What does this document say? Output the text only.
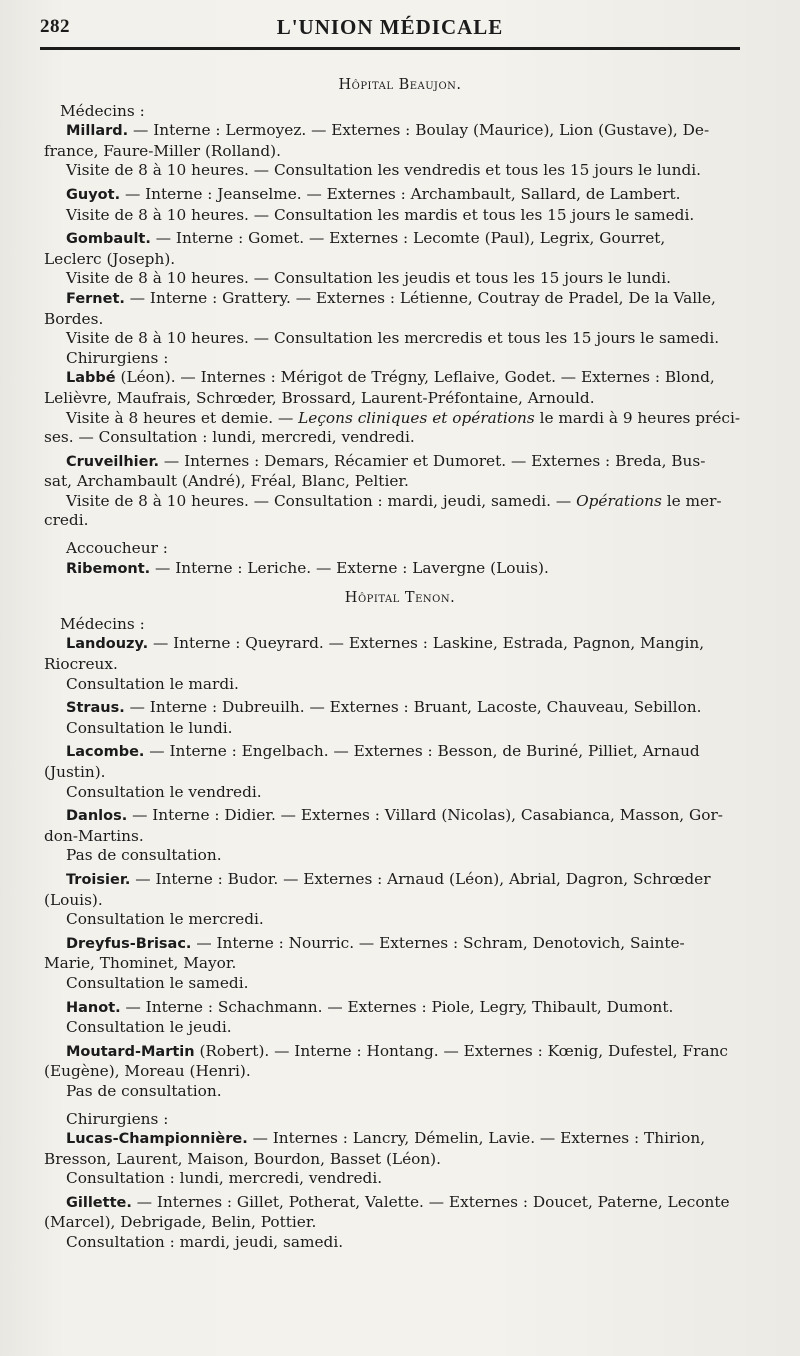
282	L'UNION MÉDICALE

Hôpital Beaujon.

Médecins :

Millard. — Interne : Lermoyez. — Externes : Boulay (Maurice), Lion (Gustave), De-

france, Faure-Miller (Rolland).

Visite de 8 à 10 heures. — Consultation les vendredis et tous les 15 jours le lundi.

Guyot. — Interne : Jeanselme. — Externes : Archambault, Sallard, de Lambert.

Visite de 8 à 10 heures. — Consultation les mardis et tous les 15 jours le samedi.

Gombault. — Interne : Gomet. — Externes : Lecomte (Paul), Legrix, Gourret,

Leclerc (Joseph).

Visite de 8 à 10 heures. — Consultation les jeudis et tous les 15 jours le lundi.

Fernet. — Interne : Grattery. — Externes : Létienne, Coutray de Pradel, De la Valle,

Bordes.

Visite de 8 à 10 heures. — Consultation les mercredis et tous les 15 jours le samedi.

Chirurgiens :

Labbé (Léon). — Internes : Mérigot de Trégny, Leflaive, Godet. — Externes : Blond,

Lelièvre, Maufrais, Schrœder, Brossard, Laurent-Préfontaine, Arnould.

Visite à 8 heures et demie. — Leçons cliniques et opérations le mardi à 9 heures préci-

ses. — Consultation : lundi, mercredi, vendredi.

Cruveilhier. — Internes : Demars, Récamier et Dumoret. — Externes : Breda, Bus-

sat, Archambault (André), Fréal, Blanc, Peltier.

Visite de 8 à 10 heures. — Consultation : mardi, jeudi, samedi. — Opérations le mer-

credi.

Accoucheur :

Ribemont. — Interne : Leriche. — Externe : Lavergne (Louis).

Hôpital Tenon.

Médecins :

Landouzy. — Interne : Queyrard. — Externes : Laskine, Estrada, Pagnon, Mangin,

Riocreux.

Consultation le mardi.

Straus. — Interne : Dubreuilh. — Externes : Bruant, Lacoste, Chauveau, Sebillon.

Consultation le lundi.

Lacombe. — Interne : Engelbach. — Externes : Besson, de Buriné, Pilliet, Arnaud

(Justin).

Consultation le vendredi.

Danlos. — Interne : Didier. — Externes : Villard (Nicolas), Casabianca, Masson, Gor-

don-Martins.

Pas de consultation.

Troisier. — Interne : Budor. — Externes : Arnaud (Léon), Abrial, Dagron, Schrœder

(Louis).

Consultation le mercredi.

Dreyfus-Brisac. — Interne : Nourric. — Externes : Schram, Denotovich, Sainte-

Marie, Thominet, Mayor.

Consultation le samedi.

Hanot. — Interne : Schachmann. — Externes : Piole, Legry, Thibault, Dumont.

Consultation le jeudi.

Moutard-Martin (Robert). — Interne : Hontang. — Externes : Kœnig, Dufestel, Franc

(Eugène), Moreau (Henri).

Pas de consultation.

Chirurgiens :

Lucas-Championnière. — Internes : Lancry, Démelin, Lavie. — Externes : Thirion,

Bresson, Laurent, Maison, Bourdon, Basset (Léon).

Consultation : lundi, mercredi, vendredi.

Gillette. — Internes : Gillet, Potherat, Valette. — Externes : Doucet, Paterne, Leconte

(Marcel), Debrigade, Belin, Pottier.

Consultation : mardi, jeudi, samedi.
